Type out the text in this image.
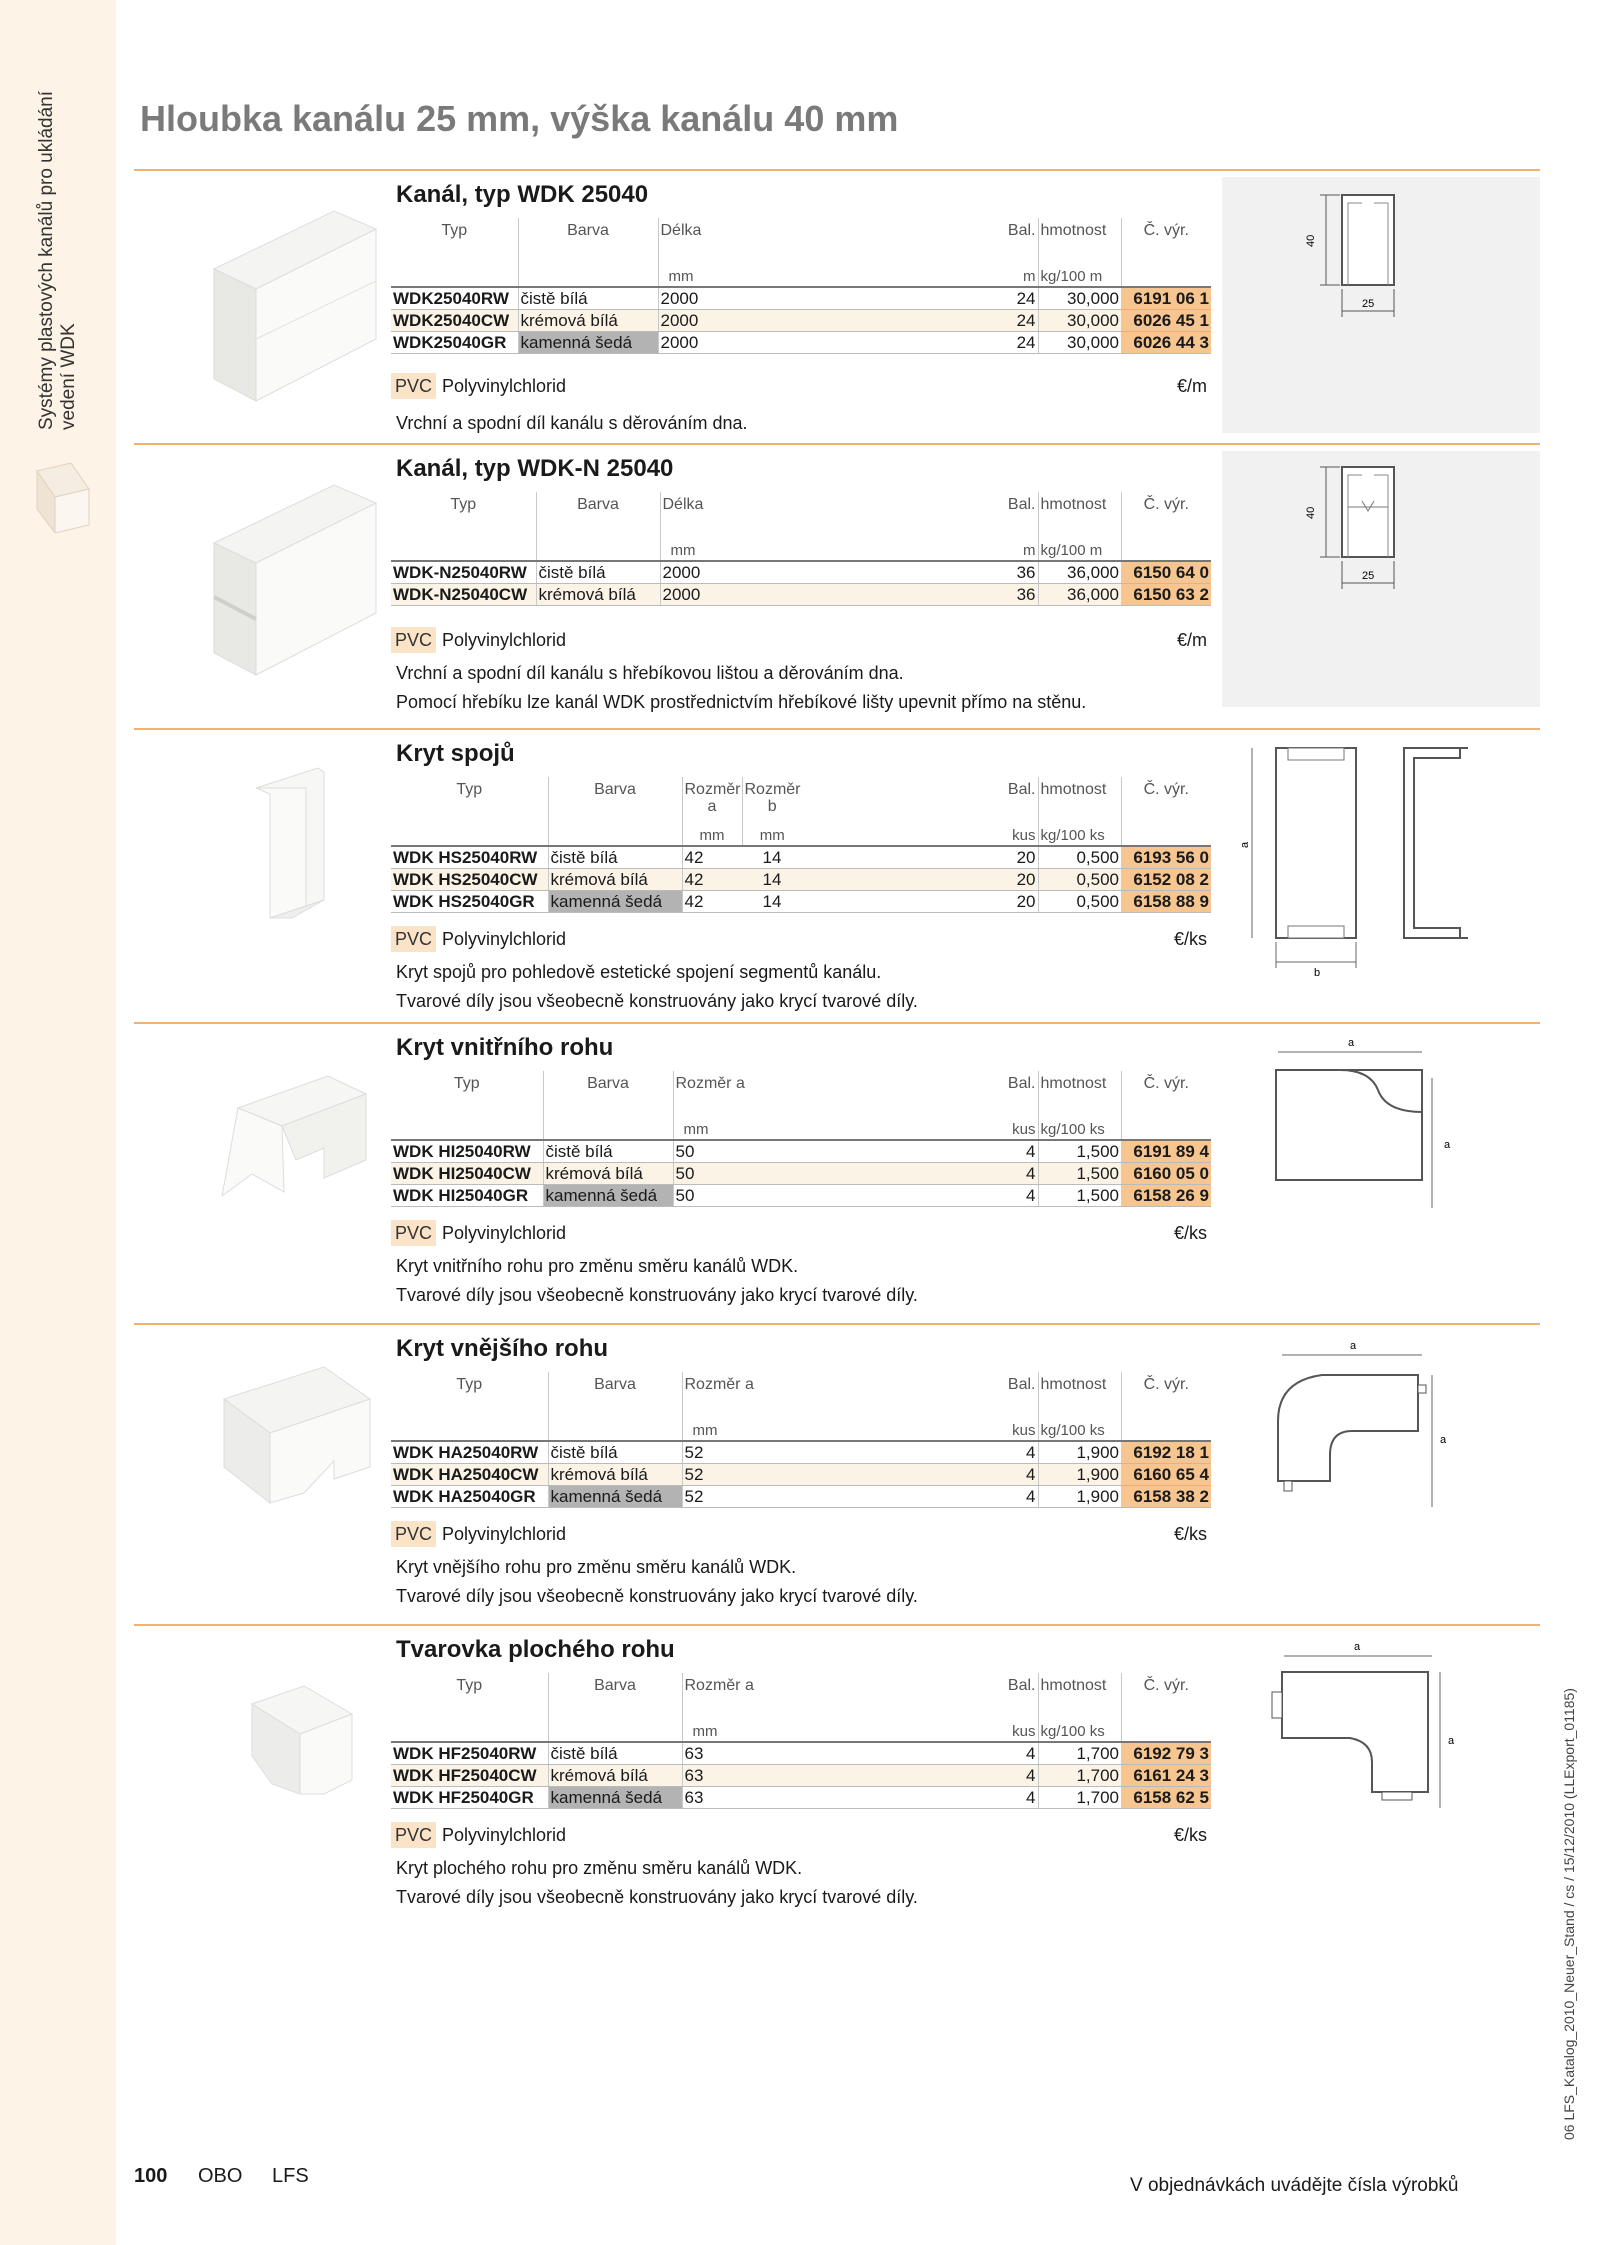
Systémy plastových kanálů pro ukládání vedení WDK
06 LFS_Katalog_2010_Neuer_Stand / cs / 15/12/2010 (LLExport_01185)
Hloubka kanálu 25 mm, výška kanálu 40 mm
Kanál, typ WDK 25040
Typ	Barva	Délka	Bal.	hmotnost	Č. výr.
		mm	m	kg/100 m	
WDK25040RW	čistě bílá	2000	24	30,000	6191 06 1
WDK25040CW	krémová bílá	2000	24	30,000	6026 45 1
WDK25040GR	kamenná šedá	2000	24	30,000	6026 44 3
PVC Polyvinylchlorid	€/m
Vrchní a spodní díl kanálu s děrováním dna.
40
25
Kanál, typ WDK-N 25040
Typ	Barva	Délka	Bal.	hmotnost	Č. výr.
		mm	m	kg/100 m	
WDK-N25040RW	čistě bílá	2000	36	36,000	6150 64 0
WDK-N25040CW	krémová bílá	2000	36	36,000	6150 63 2
PVC Polyvinylchlorid	€/m
Vrchní a spodní díl kanálu s hřebíkovou lištou a děrováním dna.
Pomocí hřebíku lze kanál WDK prostřednictvím hřebíkové lišty upevnit přímo na stěnu.
40
25
Kryt spojů
Typ	Barva	Rozměr a	Rozměr b		Bal.	hmotnost	Č. výr.
		mm	mm		kus	kg/100 ks	
WDK HS25040RW	čistě bílá	42	14		20	0,500	6193 56 0
WDK HS25040CW	krémová bílá	42	14		20	0,500	6152 08 2
WDK HS25040GR	kamenná šedá	42	14		20	0,500	6158 88 9
PVC Polyvinylchlorid	€/ks
Kryt spojů pro pohledově estetické spojení segmentů kanálu.
Tvarové díly jsou všeobecně konstruovány jako krycí tvarové díly.
a
b
Kryt vnitřního rohu
Typ	Barva	Rozměr a	Bal.	hmotnost	Č. výr.
		mm	kus	kg/100 ks	
WDK HI25040RW	čistě bílá	50	4	1,500	6191 89 4
WDK HI25040CW	krémová bílá	50	4	1,500	6160 05 0
WDK HI25040GR	kamenná šedá	50	4	1,500	6158 26 9
PVC Polyvinylchlorid	€/ks
Kryt vnitřního rohu pro změnu směru kanálů WDK.
Tvarové díly jsou všeobecně konstruovány jako krycí tvarové díly.
a
a
Kryt vnějšího rohu
Typ	Barva	Rozměr a	Bal.	hmotnost	Č. výr.
		mm	kus	kg/100 ks	
WDK HA25040RW	čistě bílá	52	4	1,900	6192 18 1
WDK HA25040CW	krémová bílá	52	4	1,900	6160 65 4
WDK HA25040GR	kamenná šedá	52	4	1,900	6158 38 2
PVC Polyvinylchlorid	€/ks
Kryt vnějšího rohu pro změnu směru kanálů WDK.
Tvarové díly jsou všeobecně konstruovány jako krycí tvarové díly.
a
a
Tvarovka plochého rohu
Typ	Barva	Rozměr a	Bal.	hmotnost	Č. výr.
		mm	kus	kg/100 ks	
WDK HF25040RW	čistě bílá	63	4	1,700	6192 79 3
WDK HF25040CW	krémová bílá	63	4	1,700	6161 24 3
WDK HF25040GR	kamenná šedá	63	4	1,700	6158 62 5
PVC Polyvinylchlorid	€/ks
Kryt plochého rohu pro změnu směru kanálů WDK.
Tvarové díly jsou všeobecně konstruovány jako krycí tvarové díly.
a
a
100 OBO LFS	V objednávkách uvádějte čísla výrobků
